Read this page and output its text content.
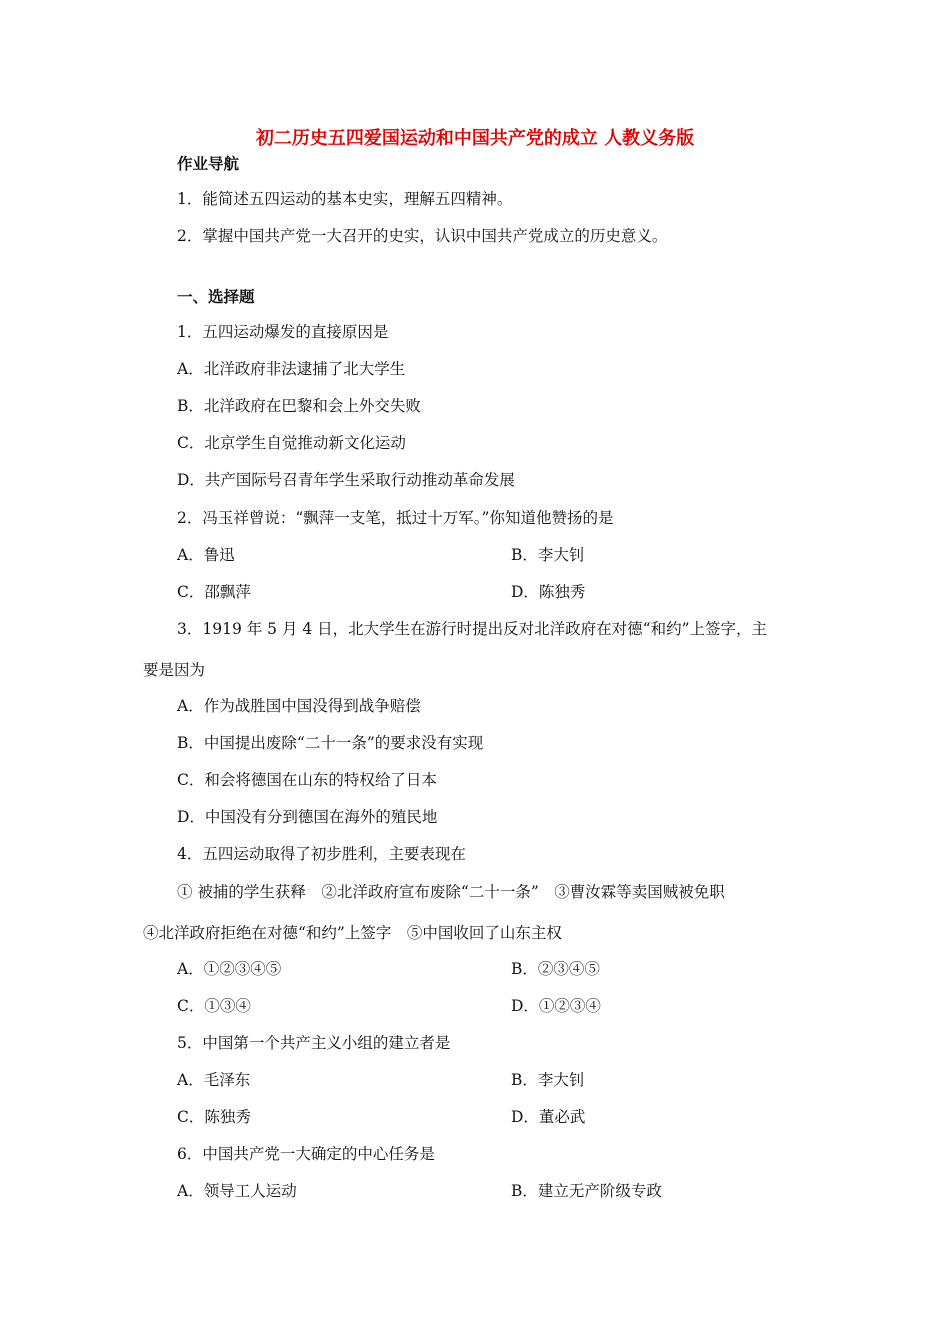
初二历史五四爱国运动和中国共产党的成立 人教义务版
作业导航
1．能简述五四运动的基本史实，理解五四精神。
2．掌握中国共产党一大召开的史实，认识中国共产党成立的历史意义。
一、选择题
1．五四运动爆发的直接原因是
A．北洋政府非法逮捕了北大学生
B．北洋政府在巴黎和会上外交失败
C．北京学生自觉推动新文化运动
D．共产国际号召青年学生采取行动推动革命发展
2．冯玉祥曾说：“飘萍一支笔，抵过十万军。”你知道他赞扬的是
A．鲁迅	B．李大钊
C．邵飘萍	D．陈独秀
3．1919 年 5 月 4 日，北大学生在游行时提出反对北洋政府在对德“和约”上签字，主
要是因为
A．作为战胜国中国没得到战争赔偿
B．中国提出废除“二十一条”的要求没有实现
C．和会将德国在山东的特权给了日本
D．中国没有分到德国在海外的殖民地
4．五四运动取得了初步胜利，主要表现在
① 被捕的学生获释　②北洋政府宣布废除“二十一条”　③曹汝霖等卖国贼被免职
④北洋政府拒绝在对德“和约”上签字　⑤中国收回了山东主权
A．①②③④⑤	B．②③④⑤
C．①③④	D．①②③④
5．中国第一个共产主义小组的建立者是
A．毛泽东	B．李大钊
C．陈独秀	D．董必武
6．中国共产党一大确定的中心任务是
A．领导工人运动	B．建立无产阶级专政
